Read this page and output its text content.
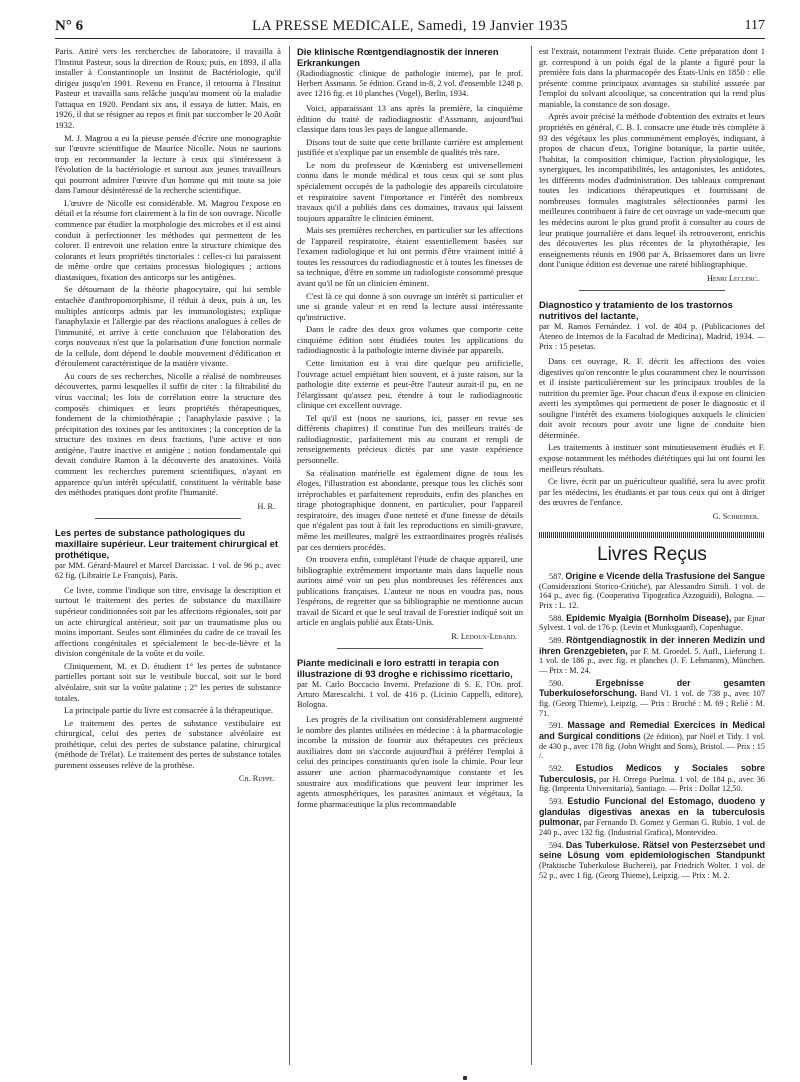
N° 6	LA PRESSE MEDICALE, Samedi, 19 Janvier 1935	117

Paris. Attiré vers les rercherches de laboratoire, il travailla à l'Institut Pasteur, sous la direction de Roux; puis, en 1893, il alla installer à Constantinople un Institut de Bactériologie, qu'il dirigea jusqu'en 1901. Revenu en France, il retourna à l'Institut Pasteur et travailla sans relâche jusqu'au moment où la maladie l'attaqua en 1920. Pendant six ans, il essaya de lutter. Mais, en 1926, il dut se résigner au repos et finit par succomber le 20 Août 1932.

M. J. Magrou a eu la pieuse pensée d'écrire une monographie sur l'œuvre scientifique de Maurice Nicolle. Nous ne saurions trop en recommander la lecture à ceux qui s'intéressent à l'évolution de la bactériologie et surtout aux jeunes travailleurs qui pourront admirer l'œuvre d'un homme qui mit toute sa joie dans l'amour désintéressé de la recherche scientifique.

L'œuvre de Nicolle est considérable. M. Magrou l'expose en détail et la résume fort clairement à la fin de son ouvrage. Nicolle commence par étudier la morphologie des microbes et il est ainsi conduit à perfectionner les méthodes qui permettent de les colorer. Il entrevoit une relation entre la structure chimique des colorants et leurs propriétés tinctoriales : celles-ci lui paraissent de même ordre que certains processus biologiques ; actions diastasiques, fixation des anticorps sur les antigènes.

Se détournant de la théorie phagocytaire, qui lui semble entachée d'anthropomorphisme, il réduit à deux, puis à un, les multiples anticorps admis par les immunologistes; explique l'anaphylaxie et l'allergie par des réactions analogues à celles de l'immunité, et arrive à cette conclusion que l'élaboration des corps nouveaux n'est que la polarisation d'une fonction normale de la cellule, dont dépend le double mouvement d'édification et d'éroulement caractéristique de la matière vivante.

Au cours de ses recherches, Nicolle a réalisé de nombreuses découvertes, parmi lesquelles il suffit de citer : la filtrabilité du virus vaccinal; les lois de corrélation entre la structure des composés chimiques et leurs propriétés thérapeutiques, fondement de la chimiothérapie ; l'anaphylaxie passive ; la précipitation des toxines par les antitoxines ; la conception de la structure des toxines en deux fractions, l'une active et non antigène, l'autre inactive et antigène ; notion fondamentale qui devait conduire Ramon à la découverte des anatoxines. Voilà comment les recherches purement scientifiques, n'ayant en apparence qu'un intérêt spéculatif, constituent la véritable base des méthodes pratiques dont profite l'humanité.

H. R.

Les pertes de substance pathologiques du maxillaire supérieur. Leur traitement chirurgical et prothétique,
par MM. Gérard-Maurel et Marcel Darcissac. 1 vol. de 96 p., avec 62 fig. (Librairie Le François), Paris.

Ce livre, comme l'indique son titre, envisage la description et surtout le traitement des pertes de substance du maxillaire supérieur conditionnées soit par les affections régionales, soit par un acte chirurgical antérieur, soit par un traumatisme plus ou moins important. Seules sont éliminées du cadre de ce travail les affections congénitales et spécialement le bec-de-lièvre et la division congénitale de la voûte et du voile.

Cliniquement, M. et D. étudient 1° les pertes de substance partielles portant soit sur le vestibule buccal, soit sur le bord alvéolaire, soit sur la voûte palatine ; 2° les pertes de substance totales.

La principale partie du livre est consacrée à la thérapeutique.

Le traitement des pertes de substance vestibulaire est chirurgical, celui des pertes de substance alvéolaire est prothétique, celui des pertes de substance palatine, chirurgical (méthode de Trélat). Le traitement des pertes de substance totales purement osseuses relève de la prothèse.

Ch. Ruppe.

Die klinische Rœntgendiagnostik der inneren Erkrankungen
(Radiodiagnostic clinique de pathologie interne), par le prof. Herbert Assmann. 5e édition. Grand in-8, 2 vol. d'ensemble 1248 p. avec 1216 fig. et 10 planches (Vogel), Berlin, 1934.

Voici, apparaissant 13 ans après la première, la cinquième édition du traité de radiodiagnostic d'Assmann, aujourd'hui classique dans tous les pays de langue allemande.

Disons tout de suite que cette brillante carrière est amplement justifiée et s'explique par un ensemble de qualités très rare.

Le nom du professeur de Kœnisberg est universellement connu dans le monde médical et tous ceux qui se sont plus spécialement occupés de la pathologie des appareils circulatoire et respiratoire savent l'importance et l'intérêt des nombreux travaux qu'il a publiés dans ces domaines, travaux qui laissent toujours apparaître le clinicien éminent.

Mais ses premières recherches, en particulier sur les affections de l'appareil respiratoire, étaient essentiellement basées sur l'examen radiologique et lui ont permis d'être vraiment initié à toutes les ressources du radiodiagnostic et à toutes les finesses de sa technique, d'être en somme un radiologiste consommé presque avant qu'il ne fût un clinicien éminent.

C'est là ce qui donne à son ouvrage un intérêt si particulier et une si grande valeur et en rend la lecture aussi intéressante qu'instructive.

Dans le cadre des deux gros volumes que comporte cette cinquième édition sont étudiées toutes les applications du radiodiagnostic à la pathologie interne divisée par appareils.

Cette limitation est à vrai dire quelque peu artificielle, l'ouvrage actuel empiétant bien souvent, et à juste raison, sur la pathologie dite externe et peut-être l'auteur aurait-il pu, en ne l'élargissant qu'assez peu, étendre à tout le radiodiagnostic clinique cet excellent ouvrage.

Tel qu'il est (nous ne saurions, ici, passer en revue ses différents chapitres) il constitue l'un des meilleurs traités de radiodiagnostic, parfaitement mis au courant et rempli de renseignements précieux dictés par une vaste expérience personnelle.

Sa réalisation matérielle est également digne de tous les éloges, l'illustration est abondante, presque tous les clichés sont irréprochables et parfaitement reproduits, enfin des planches en tirage photographique donnent, en particulier, pour l'appareil respiratoire, des images d'une netteté et d'une finesse de détails que n'égalent pas tout à fait les reproductions en simili-gravure, même les meilleures, malgré les extraordinaires progrès réalisés par ces derniers procédés.

On trouvera enfin, complétant l'étude de chaque appareil, une bibliographie extrêmement importante mais dans laquelle nous aurions aimé voir un peu plus nombreuses les références aux publications françaises. L'auteur ne nous en voudra pas, nous l'espérons, de regretter que sa bibliographie ne mentionne aucun travail de Sicard et que le seul travail de Forestier indiqué soit un article en anglais publié aux États-Unis.

R. Ledoux-Lebard.

Piante medicinali e loro estratti in terapia con illustrazione di 93 droghe e richissimo ricettario,
par M. Carlo Boccacio Inverni. Prefazione di S. E. l'On. prof. Arturo Marescalchi. 1 vol. de 416 p. (Licinio Cappelli, editore), Bologna.

Les progrès de la civilisation ont considérablement augmenté le nombre des plantes utilisées en médecine : à la pharmacologie incombe la mission de fournir aux thérapeutes ces précieux auxiliaires dont on s'accorde aujourd'hui à préférer l'emploi à celui des principes constituants qu'en isole la chimie. Pour leur assurer une action pharmacodynamique constante et les soustraire aux modifications que peuvent leur imprimer les agents atmosphériques, les parasites animaux et végétaux, la forme pharmaceutique la plus recommandable

est l'extrait, notamment l'extrait fluide. Cette préparation dont 1 gr. correspond à un poids égal de la plante a figuré pour la première fois dans la pharmacopée des États-Unis en 1850 : elle présente comme principaux avantages sa stabilité assurée par l'emploi du solvant alcoolique, sa concentration qui la rend plus maniable, la constance de son dosage.

Après avoir précisé la méthode d'obtention des extraits et leurs propriétés en général, C. B. I. consacre une étude très complète à 93 des végétaux les plus communément employés, indiquant, à propos de chacun d'eux, l'origine botanique, la partie usitée, l'habitat, la composition chimique, l'action physiologique, les synergiques, les incompatibilités, les antagonistes, les antidotes, les différents modes d'administration. Des tableaux comprenant toutes les indications thérapeutiques et fournissant de nombreuses formules magistrales sélectionnées parmi les meilleures contribuent à faire de cet ouvrage un vade-mecum que les médecins auront le plus grand profit à consulter au cours de leur pratique journalière et dans lequel ils retrouveront, enrichis des découvertes les plus récentes de la phytothérapie, les enseignements réunis en 1908 par A. Brissemoret dans un livre dont l'unique édition est devenue une rareté bibliographique.

Henri Leclerc.

Diagnostico y tratamiento de los trastornos nutritivos del lactante,
par M. Ramos Fernández. 1 vol. de 404 p. (Publicaciones del Ateneo de Internos de la Facultad de Medicina), Madrid, 1934. — Prix : 15 pesetas.

Dans cet ouvrage, R. F. décrit les affections des voies digestives qu'on rencontre le plus couramment chez le nourrisson et il insiste particulièrement sur les principaux troubles de la nutrition du premier âge. Pour chacun d'eux il expose en clinicien averti les symptômes qui permettent de poser le diagnostic et il souligne l'intérêt des examens biologiques auxquels le clinicien doit avoir recours pour avoir une ligne de conduite bien déterminée.

Les traitements à instituer sont minutieusement étudiés et F. expose notamment les méthodes diététiques qui lui ont fourni les meilleurs résultats.

Ce livre, écrit par un puériculteur qualifié, sera lu avec profit par les médecins, les étudiants et par tous ceux qui ont à diriger des œuvres de l'enfance.

G. Schreiber.

Livres Reçus

587. Origine e Vicende della Trasfusione del Sangue (Considerazioni Storico-Critiche), par Alessandro Simili. 1 vol. de 164 p., avec fig. (Cooperativa Tipografica Azzoguidi), Bologna. — Prix : L. 12.

588. Epidemic Myalgia (Bornholm Disease), par Ejnar Sylvest. 1 vol. de 176 p. (Levin et Munksgaard), Copenhague.

589. Röntgendiagnostik in der inneren Medizin und ihren Grenzgebieten, par F. M. Groedel. 5. Aufl., Lieferung 1. 1 vol. de 186 p., avec fig. et planches (J. F. Lehmanns), München. — Prix : M. 24.

590.	Ergebnisse der gesamten Tuberkuloseforschung. Band VI. 1 vol. de 738 p., avec 107 fig. (Georg Thieme), Leipzig. — Prix : Broché : M. 69 ; Relié : M. 71.

591. Massage and Remedial Exercices in Medical and Surgical conditions (2e édition), par Noël et Tidy. 1 vol. de 430 p., avec 178 fig. (John Wright and Sons), Bristol. — Prix : 15 /.

592. Estudios Medicos y Sociales sobre Tuberculosis, par H. Orrego Puelma. 1 vol. de 184 p., avec 36 fig. (Imprenta Universitaria), Santiago. — Prix : Dollar 12,50.

593. Estudio Funcional del Estomago, duodeno y glandulas digestivas anexas en la tuberculosis pulmonar, par Fernando D. Gomez y German G. Rubio. 1 vol. de 240 p., avec 132 fig. (Industrial Grafica), Montevideo.

594. Das Tuberkulose. Rätsel von Pesterzsebet und seine Lösung vom epidemiologischen Standpunkt (Praktische Tuberkulose Bucherei), par Friedrich Wolter. 1 vol. de 52 p., avec 1 fig. (Georg Thieme), Leipzig. — Prix : M. 2.
